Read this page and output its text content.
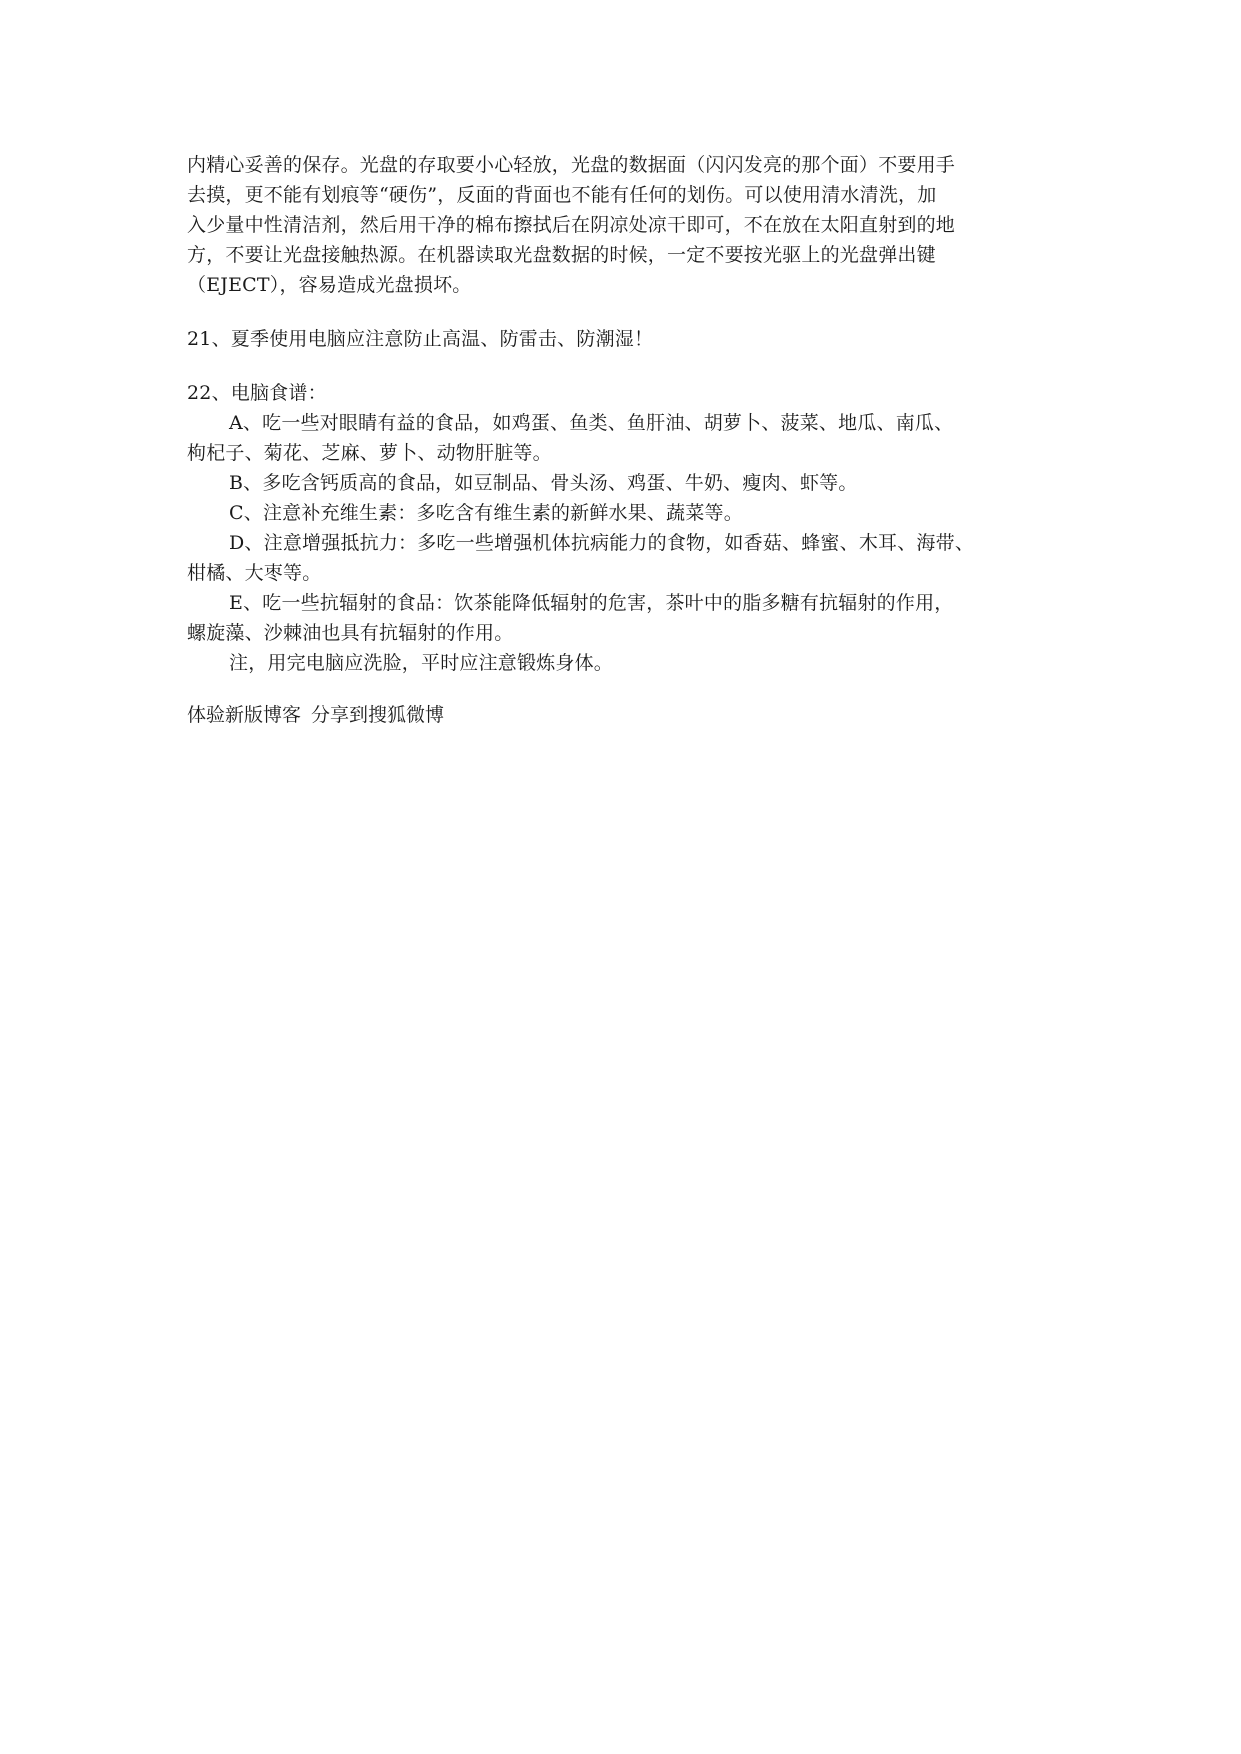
内精心妥善的保存。光盘的存取要小心轻放，光盘的数据面（闪闪发亮的那个面）不要用手
去摸，更不能有划痕等“硬伤”，反面的背面也不能有任何的划伤。可以使用清水清洗，加
入少量中性清洁剂，然后用干净的棉布擦拭后在阴凉处凉干即可，不在放在太阳直射到的地
方，不要让光盘接触热源。在机器读取光盘数据的时候，一定不要按光驱上的光盘弹出键
（EJECT），容易造成光盘损坏。
21、夏季使用电脑应注意防止高温、防雷击、防潮湿！
22、电脑食谱：
A、吃一些对眼睛有益的食品，如鸡蛋、鱼类、鱼肝油、胡萝卜、菠菜、地瓜、南瓜、
枸杞子、菊花、芝麻、萝卜、动物肝脏等。
B、多吃含钙质高的食品，如豆制品、骨头汤、鸡蛋、牛奶、瘦肉、虾等。
C、注意补充维生素：多吃含有维生素的新鲜水果、蔬菜等。
D、注意增强抵抗力：多吃一些增强机体抗病能力的食物，如香菇、蜂蜜、木耳、海带、
柑橘、大枣等。
E、吃一些抗辐射的食品：饮茶能降低辐射的危害，茶叶中的脂多糖有抗辐射的作用，
螺旋藻、沙棘油也具有抗辐射的作用。
注，用完电脑应洗脸，平时应注意锻炼身体。
体验新版博客 分享到搜狐微博
